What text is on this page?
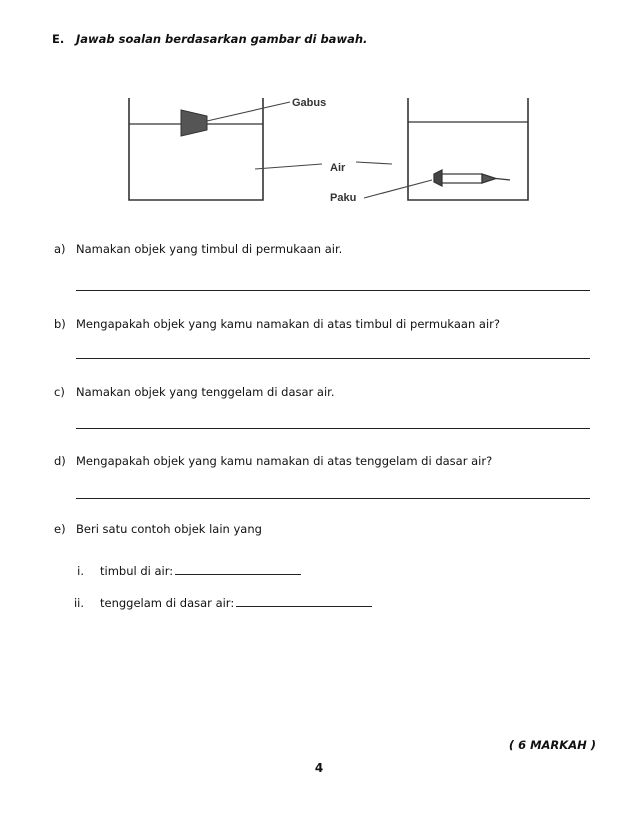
E. Jawab soalan berdasarkan gambar di bawah.
Gabus
Air
Paku
a) Namakan objek yang timbul di permukaan air.
b) Mengapakah objek yang kamu namakan di atas timbul di permukaan air?
c) Namakan objek yang tenggelam di dasar air.
d) Mengapakah objek yang kamu namakan di atas tenggelam di dasar air?
e) Beri satu contoh objek lain yang
i. timbul di air:
ii. tenggelam di dasar air:
( 6 MARKAH )
4
